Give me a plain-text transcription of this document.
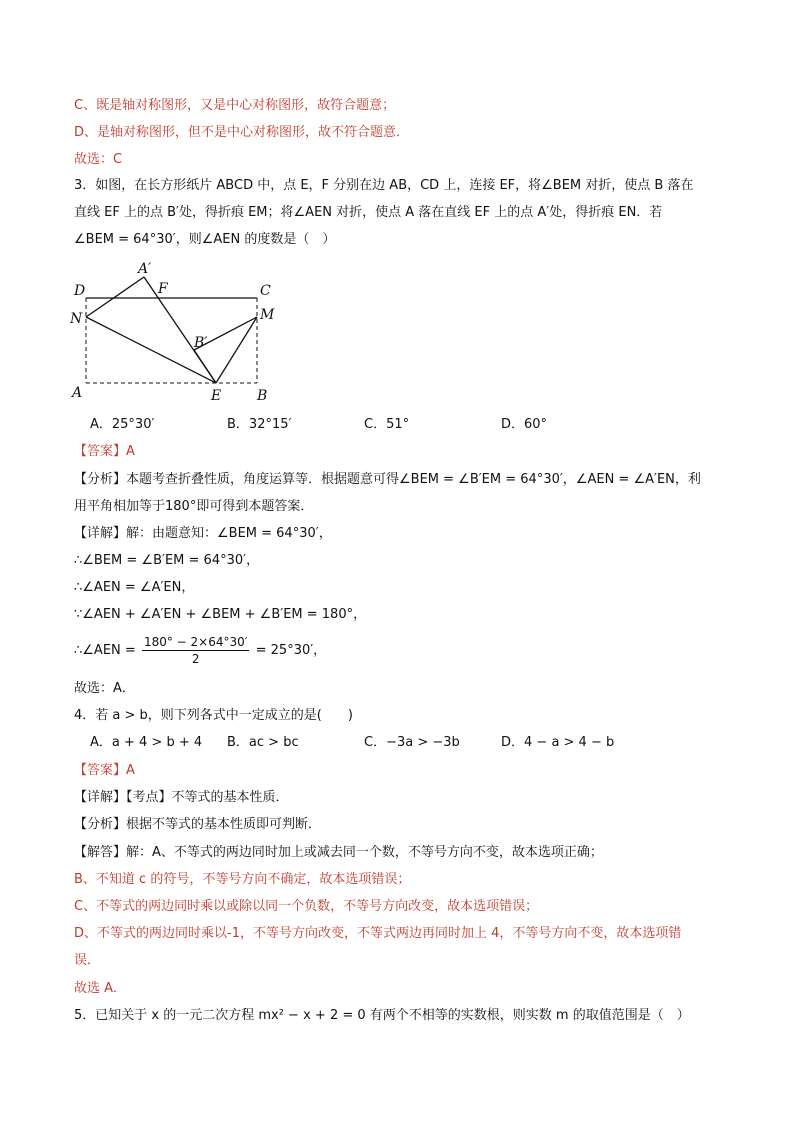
C、既是轴对称图形，又是中心对称图形，故符合题意；
D、是轴对称图形，但不是中心对称图形，故不符合题意．
故选：C
3．如图，在长方形纸片 ABCD 中，点 E，F 分别在边 AB，CD 上，连接 EF，将∠BEM 对折，使点 B 落在
直线 EF 上的点 B′处，得折痕 EM；将∠AEN 对折，使点 A 落在直线 EF 上的点 A′处，得折痕 EN．若
∠BEM = 64°30′，则∠AEN 的度数是（　）
D	C
N	M
A′
F
B′
A	E	B
A．25°30′	B．32°15′	C．51°	D．60°
【答案】A
【分析】本题考查折叠性质，角度运算等．根据题意可得∠BEM = ∠B′EM = 64°30′，∠AEN = ∠A′EN，利
用平角相加等于180°即可得到本题答案．
【详解】解：由题意知：∠BEM = 64°30′，
∴∠BEM = ∠B′EM = 64°30′，
∴∠AEN = ∠A′EN，
∵∠AEN + ∠A′EN + ∠BEM + ∠B′EM = 180°，
∴∠AEN = $\frac{180^\circ - 2\times 64^\circ 30'}{2} = 25^\circ 30'$，
故选：A．
4．若 a > b，则下列各式中一定成立的是(　　)
A．a + 4 > b + 4 B．ac > bc	C．−3a > −3b	D．4 − a > 4 − b
【答案】A
【详解】【考点】不等式的基本性质．
【分析】根据不等式的基本性质即可判断．
【解答】解：A、不等式的两边同时加上或减去同一个数，不等号方向不变，故本选项正确；
B、不知道 c 的符号，不等号方向不确定，故本选项错误；
C、不等式的两边同时乘以或除以同一个负数，不等号方向改变，故本选项错误；
D、不等式的两边同时乘以-1，不等号方向改变，不等式两边再同时加上 4，不等号方向不变，故本选项错
误．
故选 A．
5．已知关于 x 的一元二次方程 mx² − x + 2 = 0 有两个不相等的实数根，则实数 m 的取值范围是（　）
